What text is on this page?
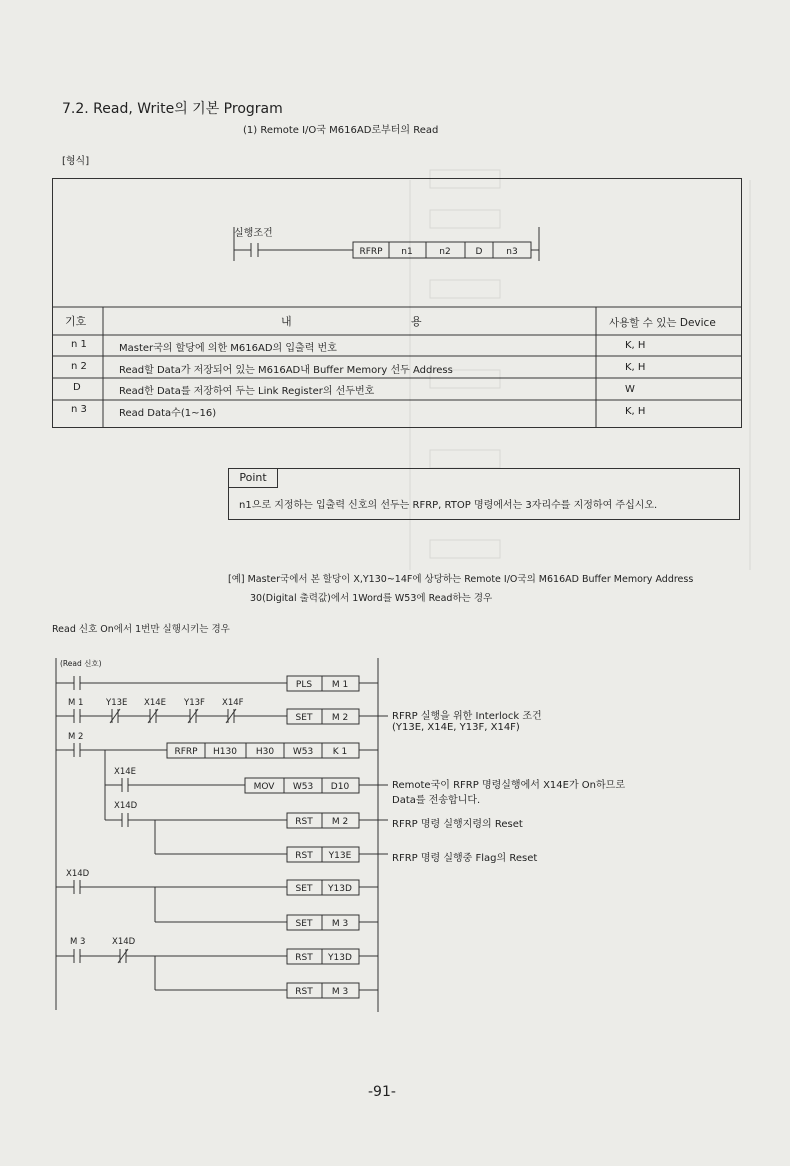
7.2. Read, Write의 기본 Program
(1) Remote I/O국 M616AD로부터의 Read
[형식]
실행조건
RFRP n1	n2	D	n3
기호	내	용	사용할 수 있는 Device
n 1	Master국의 할당에 의한 M616AD의 입출력 번호	K, H
n 2	Read할 Data가 저장되어 있는 M616AD내 Buffer Memory 선두 Address	K, H
D	Read한 Data를 저장하여 두는 Link Register의 선두번호	W
n 3	Read Data수(1~16)	K, H
Point
n1으로 지정하는 입출력 신호의 선두는 RFRP, RTOP 명령에서는 3자리수를 지정하여 주십시오.
[예] Master국에서 본 할당이 X,Y130~14F에 상당하는 Remote I/O국의 M616AD Buffer Memory Address
30(Digital 출력값)에서 1Word를 W53에 Read하는 경우
Read 신호 On에서 1번만 실행시키는 경우
(Read 신호)
M 1	Y13E X14E Y13F X14F
M 2
X14E
X14D
X14D
M 3	X14D
PLS M 1
SET M 2
RFRP H130 H30 W53 K 1
MOV W53 D10
RST M 2
RST Y13E
SET Y13D
SET M 3
RST Y13D
RST M 3
RFRP 실행을 위한 Interlock 조건
(Y13E, X14E, Y13F, X14F)
Remote국이 RFRP 명령실행에서 X14E가 On하므로
Data를 전송합니다.
RFRP 명령 실행지령의 Reset
RFRP 명령 실행중 Flag의 Reset
-91-
